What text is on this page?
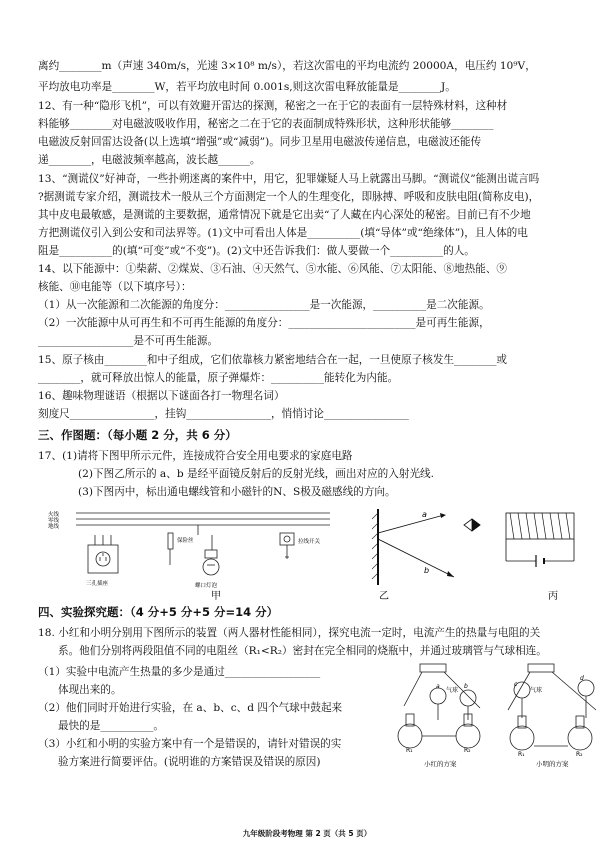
离约________m（声速 340m/s，光速 3×10⁸ m/s），若这次雷电的平均电流约 20000A，电压约 10⁹V，
平均放电功率是________W，若平均放电时间 0.001s,则这次雷电释放能量是________J。
12、有一种“隐形飞机”，可以有效避开雷达的探测，秘密之一在于它的表面有一层特殊材料，这种材
料能够________对电磁波吸收作用，秘密之二在于它的表面制成特殊形状，这种形状能够________
电磁波反射回雷达设备(以上选填“增强”或“减弱”)。同步卫星用电磁波传递信息，电磁波还能传
递________，电磁波频率越高，波长越______。
13、“测谎仪”好神奇，一些扑朔迷离的案件中，用它，犯罪嫌疑人马上就露出马脚。“测谎仪”能测出谎言吗
?据测谎专家介绍，测谎技术一般从三个方面测定一个人的生理变化，即脉搏、呼吸和皮肤电阻(简称皮电)，
其中皮电最敏感，是测谎的主要数据，通常情况下就是它出卖“了人藏在内心深处的秘密。目前已有不少地
方把测谎仪引入到公安和司法界等。(1)文中可看出人体是__________(填“导体”或“绝缘体”)，且人体的电
阻是__________的(填“可变”或“不变”)。(2)文中还告诉我们：做人要做一个__________的人。
14、以下能源中：①柴薪、②煤炭、③石油、④天然气、⑤水能、⑥风能、⑦太阳能、⑧地热能、⑨
核能、⑩电能等（以下填序号）：
（1）从一次能源和二次能源的角度分：________________是一次能源，__________是二次能源。
（2）一次能源中从可再生和不可再生能源的角度分：________________________是可再生能源，
__________________是不可再生能源。
15、原子核由________和中子组成，它们依靠核力紧密地结合在一起，一旦使原子核发生________或
________，就可释放出惊人的能量，原子弹爆炸：__________能转化为内能。
16、趣味物理谜语（根据以下谜面各打一物理名词）
刻度尺________________，挂钩________________，悄悄讨论________________
三、作图题：（每小题 2 分，共 6 分）
17、(1)请将下图甲所示元件，连接成符合安全用电要求的家庭电路
(2)下图乙所示的 a、b 是经平面镜反射后的反射光线，画出对应的入射光线.
(3)下图丙中，标出通电螺线管和小磁针的N、S极及磁感线的方向。
火线
零线
地线
保险丝	拉线开关
三孔插座	螺口灯泡
甲
a
b
乙	丙
四、实验探究题：（4 分+5 分+5 分=14 分）
18. 小红和小明分别用下图所示的装置（两人器材性能相同），探究电流一定时，电流产生的热量与电阻的关
系。他们分别将两段阻值不同的电阻丝（R₁<R₂）密封在完全相同的烧瓶中，并通过玻璃管与气球相连。
（1）实验中电流产生热量的多少是通过__________________
体现出来的。
（2）他们同时开始进行实验，在 a、b、c、d 四个气球中鼓起来
最快的是__________。
（3）小红和小明的实验方案中有一个是错误的，请针对错误的实
验方案进行简要评估。(说明谁的方案错误及错误的原因)
a	b
气球
c
d
气球
R₁	R₂
R₁	R₂
小红的方案	小明的方案
九年级阶段考物理 第 2 页（共 5 页）
